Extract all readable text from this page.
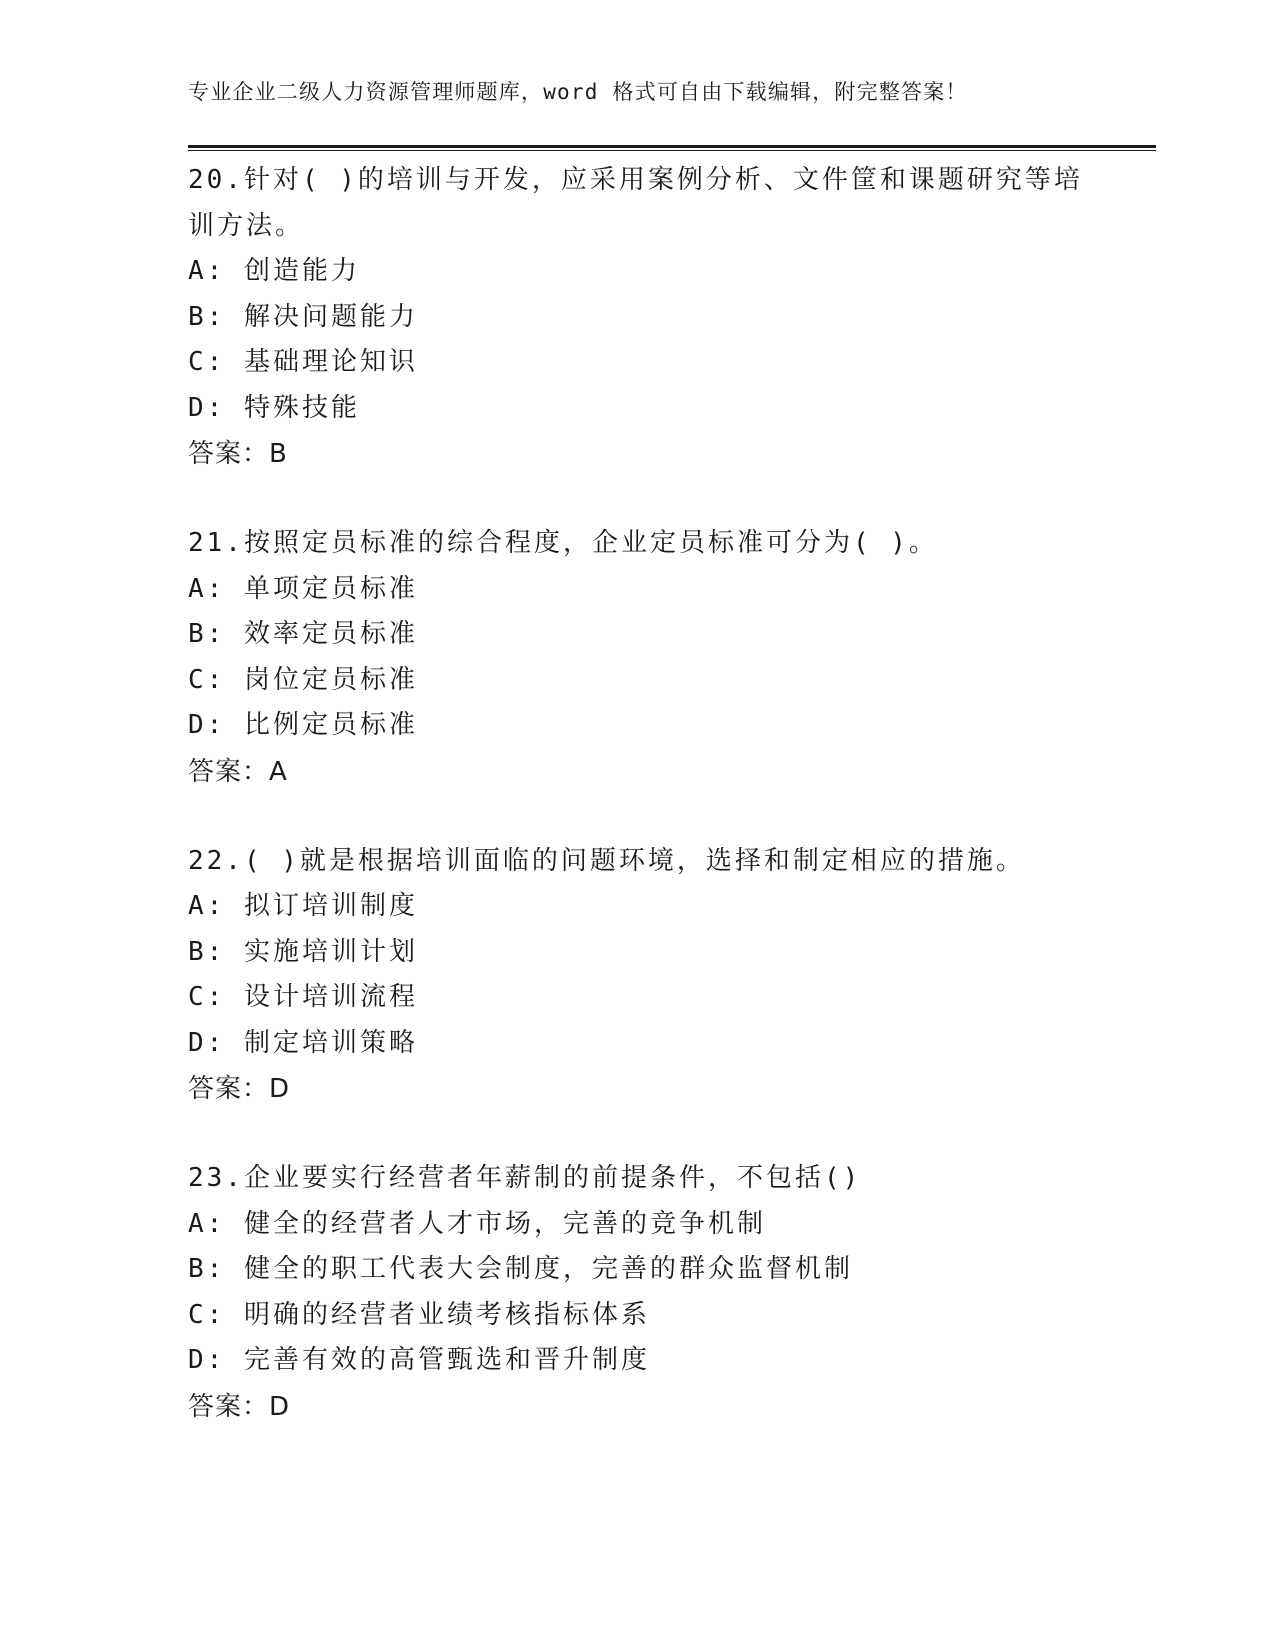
专业企业二级人力资源管理师题库，word 格式可自由下载编辑，附完整答案！
20.针对( )的培训与开发，应采用案例分析、文件筐和课题研究等培
训方法。
A: 创造能力
B: 解决问题能力
C: 基础理论知识
D: 特殊技能
答案：B
21.按照定员标准的综合程度，企业定员标准可分为( )。
A: 单项定员标准
B: 效率定员标准
C: 岗位定员标准
D: 比例定员标准
答案：A
22.( )就是根据培训面临的问题环境，选择和制定相应的措施。
A: 拟订培训制度
B: 实施培训计划
C: 设计培训流程
D: 制定培训策略
答案：D
23.企业要实行经营者年薪制的前提条件，不包括()
A: 健全的经营者人才市场，完善的竞争机制
B: 健全的职工代表大会制度，完善的群众监督机制
C: 明确的经营者业绩考核指标体系
D: 完善有效的高管甄选和晋升制度
答案：D
